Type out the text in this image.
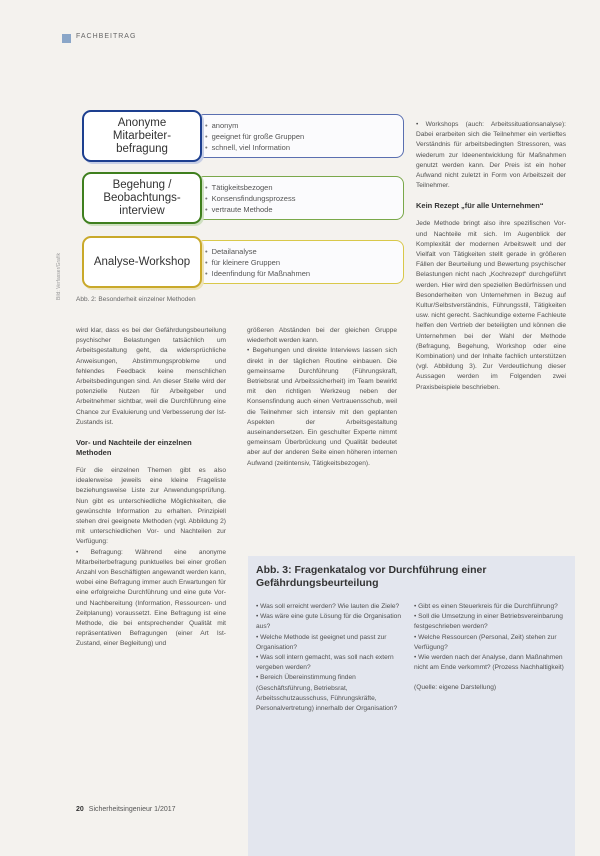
FACHBEITRAG
Bild: Verfasser/Grafik
• anonym
• geeignet für große Gruppen
• schnell, viel Information
Anonyme
Mitarbeiter-
befragung
• Tätigkeitsbezogen
• Konsensfindungsprozess
• vertraute Methode
Begehung /
Beobachtungs-
interview
• Detailanalyse
• für kleinere Gruppen
• Ideenfindung für Maßnahmen
Analyse-Workshop
Abb. 2: Besonderheit einzelner Methoden

wird klar, dass es bei der Gefährdungsbeurteilung psychischer Belastungen tatsächlich um Arbeitsgestaltung geht, da widersprüchliche Anweisungen, Abstimmungsprobleme und fehlendes Feedback keine menschlichen Arbeitsbedingungen sind. An dieser Stelle wird der potenzielle Nutzen für Arbeitgeber und Arbeitnehmer sichtbar, weil die Durchführung eine Chance zur Evaluierung und Verbesserung der Ist-Zustands ist.

Vor- und Nachteile der einzelnen Methoden

Für die einzelnen Themen gibt es also idealerweise jeweils eine kleine Frageliste beziehungsweise Liste zur Anwendungsprüfung. Nun gibt es unterschiedliche Möglichkeiten, die gewünschte Information zu erhalten. Prinzipiell stehen drei geeignete Methoden (vgl. Abbildung 2) mit unterschiedlichen Vor- und Nachteilen zur Verfügung:

• Befragung: Während eine anonyme Mitarbeiterbefragung punktuelles bei einer großen Anzahl von Beschäftigten angewandt werden kann, wobei eine Befragung immer auch Erwartungen für eine erfolgreiche Durchführung und eine gute Vor- und Nachbereitung (Information, Ressourcen- und Zeitplanung) voraussetzt. Eine Befragung ist eine Methode, die bei entsprechender Qualität mit repräsentativen Befragungen (einer Art Ist-Zustand, einer Begleitung) und

größeren Abständen bei der gleichen Gruppe wiederholt werden kann.

• Begehungen und direkte Interviews lassen sich direkt in der täglichen Routine einbauen. Die gemeinsame Durchführung (Führungskraft, Betriebsrat und Arbeitssicherheit) im Team bewirkt mit den richtigen Werkzeug neben der Konsensfindung auch einen Vertrauensschub, weil die Teilnehmer sich intensiv mit den geplanten Aspekten der Arbeitsgestaltung auseinandersetzen. Ein geschulter Experte nimmt gemeinsam Überbrückung und Qualität bedeutet aber auf der anderen Seite einen höheren internen Aufwand (zeitintensiv, Tätigkeitsbezogen).
• Workshops (auch: Arbeitssituationsanalyse): Dabei erarbeiten sich die Teilnehmer ein vertieftes Verständnis für arbeitsbedingten Stressoren, was wiederum zur Ideenentwicklung für Maßnahmen genutzt werden kann. Der Preis ist ein hoher Aufwand nicht zuletzt in Form von Arbeitszeit der Teilnehmer.
Kein Rezept „für alle Unternehmen“

Jede Methode bringt also ihre spezifischen Vor- und Nachteile mit sich. Im Augenblick der Komplexität der modernen Arbeitswelt und der Vielfalt von Tätigkeiten stellt gerade in größeren Fällen der Beurteilung und Bewertung psychischer Belastungen nicht nach „Kochrezept“ durchgeführt werden. Hier wird den speziellen Bedürfnissen und Besonderheiten von Unternehmen in Bezug auf Kultur/Selbstverständnis, Führungsstil, Tätigkeiten usw. nicht gerecht. Sachkundige externe Fachleute helfen den Vertrieb der beteiligten und können die Unternehmen bei der Wahl der Methode (Befragung, Begehung, Workshop oder eine Kombination) und der Inhalte fachlich unterstützen (vgl. Abbildung 3). Zur Verdeutlichung dieser Aussagen werden im Folgenden zwei Praxisbeispiele beschrieben.

Abb. 3: Fragenkatalog vor Durchführung einer Gefährdungsbeurteilung
• Was soll erreicht werden? Wie lauten die Ziele?
• Was wäre eine gute Lösung für die Organisation aus?
• Welche Methode ist geeignet und passt zur Organisation?
• Was soll intern gemacht, was soll nach extern vergeben werden?
• Bereich Übereinstimmung finden (Geschäftsführung, Betriebsrat, Arbeitsschutzausschuss, Führungskräfte, Personalvertretung) innerhalb der Organisation?
• Gibt es einen Steuerkreis für die Durchführung?
• Soll die Umsetzung in einer Betriebsvereinbarung festgeschrieben werden?
• Welche Ressourcen (Personal, Zeit) stehen zur Verfügung?
• Wie werden nach der Analyse, dann Maßnahmen nicht am Ende verkommt? (Prozess Nachhaltigkeit)
(Quelle: eigene Darstellung)
20 Sicherheitsingenieur 1/2017
